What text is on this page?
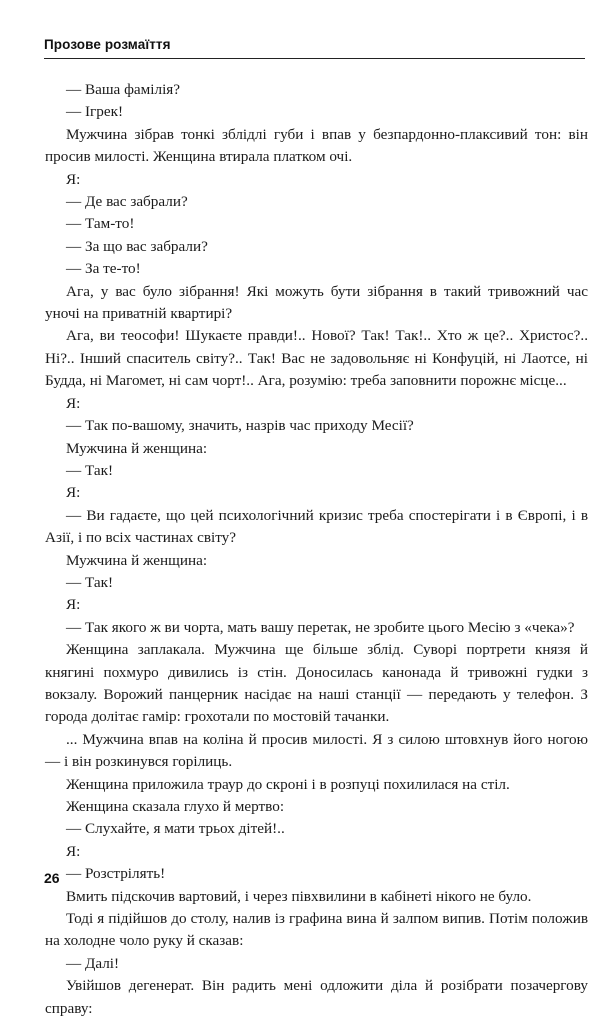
Прозове розмаїття

— Ваша фамілія?

— Ігрек!

Мужчина зібрав тонкі зблідлі губи і впав у безпардонно-плаксивий тон: він просив милості. Женщина втирала платком очі.

Я:

— Де вас забрали?

— Там-то!

— За що вас забрали?

— За те-то!

Ага, у вас було зібрання! Які можуть бути зібрання в такий тривожний час уночі на приватній квартирі?

Ага, ви теософи! Шукаєте правди!.. Нової? Так! Так!.. Хто ж це?.. Христос?.. Ні?.. Інший спаситель світу?.. Так! Вас не задовольняє ні Конфуцій, ні Лаотсе, ні Будда, ні Магомет, ні сам чорт!.. Ага, розумію: треба заповнити порожнє місце...

Я:

— Так по-вашому, значить, назрів час приходу Месії?

Мужчина й женщина:

— Так!

Я:

— Ви гадаєте, що цей психологічний кризис треба спостерігати і в Європі, і в Азії, і по всіх частинах світу?

Мужчина й женщина:

— Так!

Я:

— Так якого ж ви чорта, мать вашу перетак, не зробите цього Месію з «чека»?

Женщина заплакала. Мужчина ще більше зблід. Суворі портрети князя й княгині похмуро дивились із стін. Доносилась канонада й тривожні гудки з вокзалу. Ворожий панцерник насідає на наші станції — передають у телефон. З города долітає гамір: грохотали по мостовій тачанки.

... Мужчина впав на коліна й просив милості. Я з силою штовхнув його ногою — і він розкинувся горілиць.

Женщина приложила траур до скроні і в розпуці похилилася на стіл.

Женщина сказала глухо й мертво:

— Слухайте, я мати трьох дітей!..

Я:

— Розстрілять!

Вмить підскочив вартовий, і через півхвилини в кабінеті нікого не було.

Тоді я підійшов до столу, налив із графина вина й залпом випив. Потім положив на холодне чоло руку й сказав:

— Далі!

Увійшов дегенерат. Він радить мені одложити діла й розібрати позачергову справу:

26
